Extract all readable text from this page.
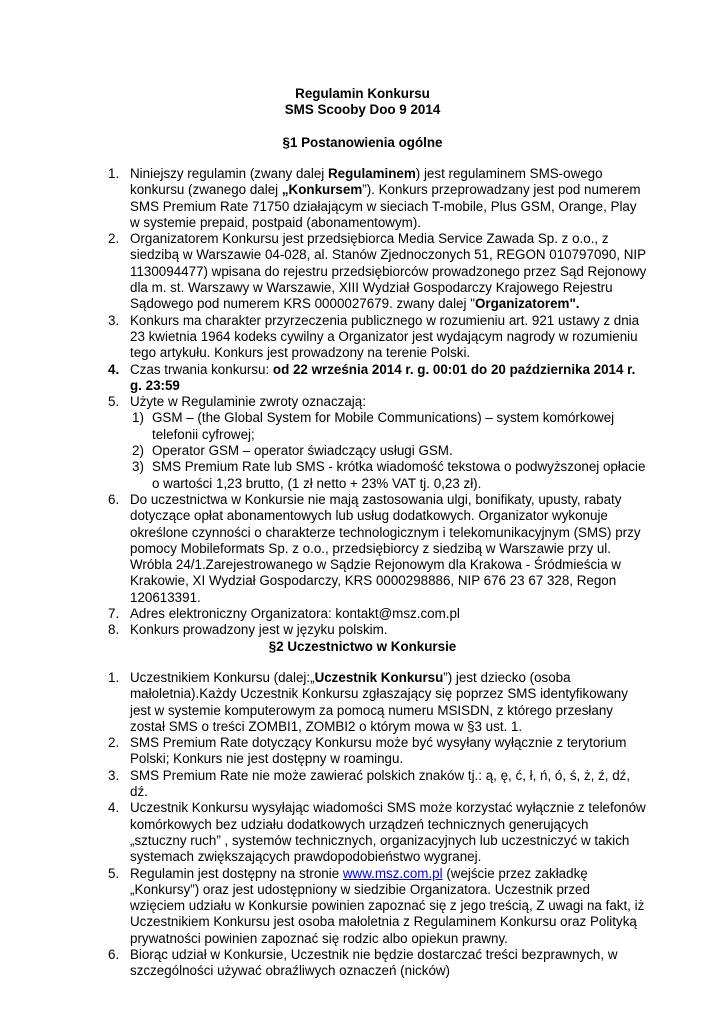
Regulamin Konkursu
SMS Scooby Doo 9 2014
§1 Postanowienia ogólne
1. Niniejszy regulamin (zwany dalej Regulaminem) jest regulaminem SMS-owego konkursu (zwanego dalej „Konkursem”). Konkurs przeprowadzany jest pod numerem SMS Premium Rate 71750 działającym w sieciach T-mobile, Plus GSM, Orange, Play w systemie prepaid, postpaid (abonamentowym).
2. Organizatorem Konkursu jest przedsiębiorca Media Service Zawada Sp. z o.o., z siedzibą w Warszawie 04-028, al. Stanów Zjednoczonych 51, REGON 010797090, NIP 1130094477) wpisana do rejestru przedsiębiorców prowadzonego przez Sąd Rejonowy dla m. st. Warszawy w Warszawie, XIII Wydział Gospodarczy Krajowego Rejestru Sądowego pod numerem KRS 0000027679. zwany dalej "Organizatorem".
3. Konkurs ma charakter przyrzeczenia publicznego w rozumieniu art. 921 ustawy z dnia 23 kwietnia 1964 kodeks cywilny a Organizator jest wydającym nagrody w rozumieniu tego artykułu. Konkurs jest prowadzony na terenie Polski.
4. Czas trwania konkursu: od 22 września 2014 r. g. 00:01 do 20 października 2014 r. g. 23:59
5. Użyte w Regulaminie zwroty oznaczają:
1) GSM – (the Global System for Mobile Communications) – system komórkowej telefonii cyfrowej;
2) Operator GSM – operator świadczący usługi GSM.
3) SMS Premium Rate lub SMS - krótka wiadomość tekstowa o podwyższonej opłacie o wartości 1,23 brutto, (1 zł netto + 23% VAT tj. 0,23 zł).
6. Do uczestnictwa w Konkursie nie mają zastosowania ulgi, bonifikaty, upusty, rabaty dotyczące opłat abonamentowych lub usług dodatkowych. Organizator wykonuje określone czynności o charakterze technologicznym i telekomunikacyjnym (SMS) przy pomocy Mobileformats Sp. z o.o., przedsiębiorcy z siedzibą w Warszawie przy ul. Wróbla 24/1.Zarejestrowanego w Sądzie Rejonowym dla Krakowa - Śródmieścia w Krakowie, XI Wydział Gospodarczy, KRS 0000298886, NIP 676 23 67 328, Regon 120613391.
7. Adres elektroniczny Organizatora: kontakt@msz.com.pl
8. Konkurs prowadzony jest w języku polskim.
§2 Uczestnictwo w Konkursie
1. Uczestnikiem Konkursu (dalej:„Uczestnik Konkursu”) jest dziecko (osoba małoletnia).Każdy Uczestnik Konkursu zgłaszający się poprzez SMS identyfikowany jest w systemie komputerowym za pomocą numeru MSISDN, z którego przesłany został SMS o treści ZOMBI1, ZOMBI2 o którym mowa w §3 ust. 1.
2. SMS Premium Rate dotyczący Konkursu może być wysyłany wyłącznie z terytorium Polski; Konkurs nie jest dostępny w roamingu.
3. SMS Premium Rate nie może zawierać polskich znaków tj.: ą, ę, ć, ł, ń, ó, ś, ż, ź, dź, dź.
4. Uczestnik Konkursu wysyłając wiadomości SMS może korzystać wyłącznie z telefonów komórkowych bez udziału dodatkowych urządzeń technicznych generujących „sztuczny ruch” , systemów technicznych, organizacyjnych lub uczestniczyć w takich systemach zwiększających prawdopodobieństwo wygranej.
5. Regulamin jest dostępny na stronie www.msz.com.pl (wejście przez zakładkę „Konkursy”) oraz jest udostępniony w siedzibie Organizatora. Uczestnik przed wzięciem udziału w Konkursie powinien zapoznać się z jego treścią, Z uwagi na fakt, iż Uczestnikiem Konkursu jest osoba małoletnia z Regulaminem Konkursu oraz Polityką prywatności powinien zapoznać się rodzic albo opiekun prawny.
6. Biorąc udział w Konkursie, Uczestnik nie będzie dostarczać treści bezprawnych, w szczególności używać obraźliwych oznaczeń (nicków)
